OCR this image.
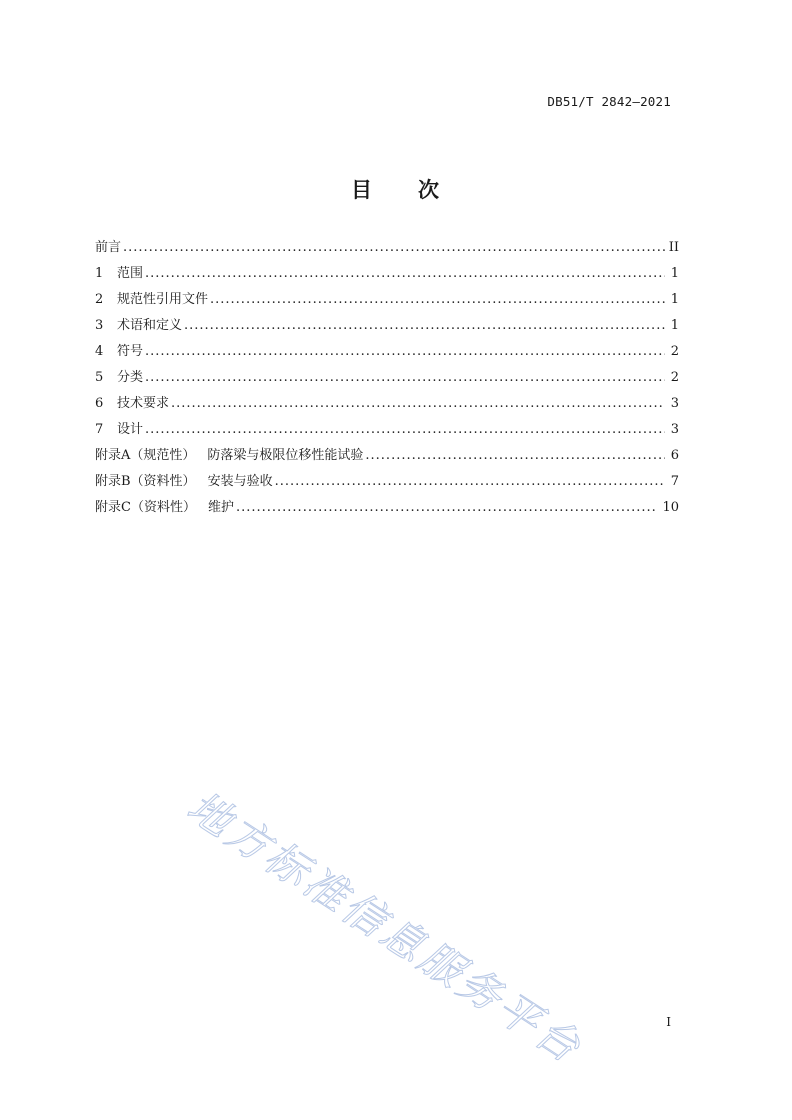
DB51/T 2842—2021
目 次
前言 .....	II
1	范围 .....	1
2	规范性引用文件 .....	1
3	术语和定义 .....	1
4	符号 .....	2
5	分类 .....	2
6	技术要求 .....	3
7	设计 .....	3
附录A（规范性） 防落梁与极限位移性能试验 .....	6
附录B（资料性） 安装与验收 .....	7
附录C（资料性） 维护 .....	10
地方标准信息服务平台	I
